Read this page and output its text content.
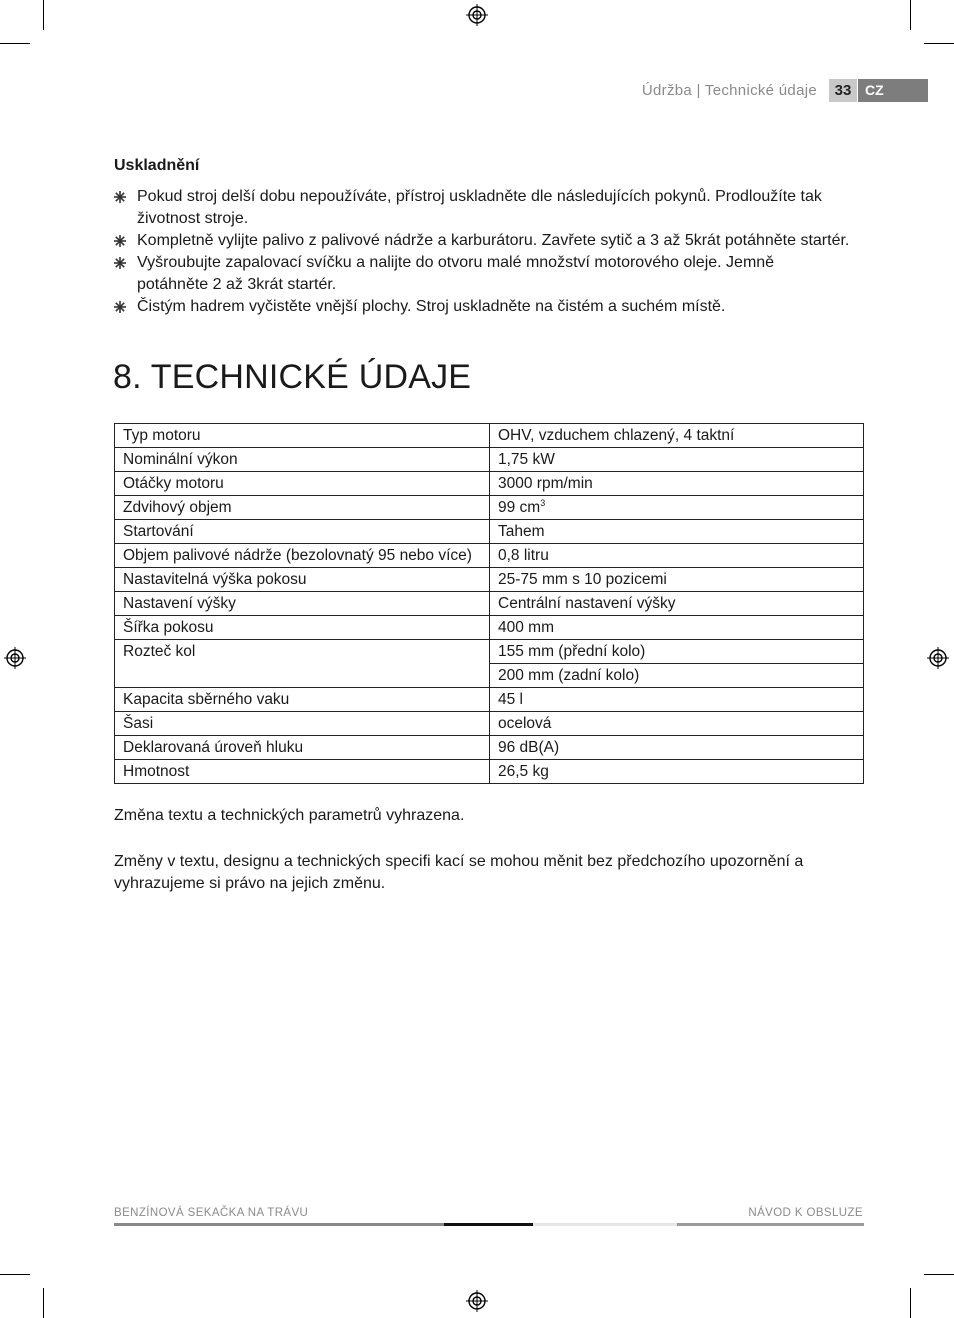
Údržba | Technické údaje	33 CZ
Uskladnění
Pokud stroj delší dobu nepoužíváte, přístroj uskladněte dle následujících pokynů. Prodloužíte tak životnost stroje.
Kompletně vylijte palivo z palivové nádrže a karburátoru. Zavřete sytič a 3 až 5krát potáhněte startér.
Vyšroubujte zapalovací svíčku a nalijte do otvoru malé množství motorového oleje. Jemně potáhněte 2 až 3krát startér.
Čistým hadrem vyčistěte vnější plochy. Stroj uskladněte na čistém a suchém místě.
8. TECHNICKÉ ÚDAJE
Typ motoru	OHV, vzduchem chlazený, 4 taktní
Nominální výkon	1,75 kW
Otáčky motoru	3000 rpm/min
Zdvihový objem	99 $cm^3$
Startování	Tahem
Objem palivové nádrže (bezolovnatý 95 nebo více)	0,8 litru
Nastavitelná výška pokosu	25-75 mm s 10 pozicemi
Nastavení výšky	Centrální nastavení výšky
Šířka pokosu	400 mm
Rozteč kol	155 mm (přední kolo)
	200 mm (zadní kolo)
Kapacita sběrného vaku	45 l
Šasi	ocelová
Deklarovaná úroveň hluku	96 dB(A)
Hmotnost	26,5 kg
Změna textu a technických parametrů vyhrazena.
Změny v textu, designu a technických specifi kací se mohou měnit bez předchozího upozornění a vyhrazujeme si právo na jejich změnu.
BENZÍNOVÁ SEKAČKA NA TRÁVU	NÁVOD K OBSLUZE
